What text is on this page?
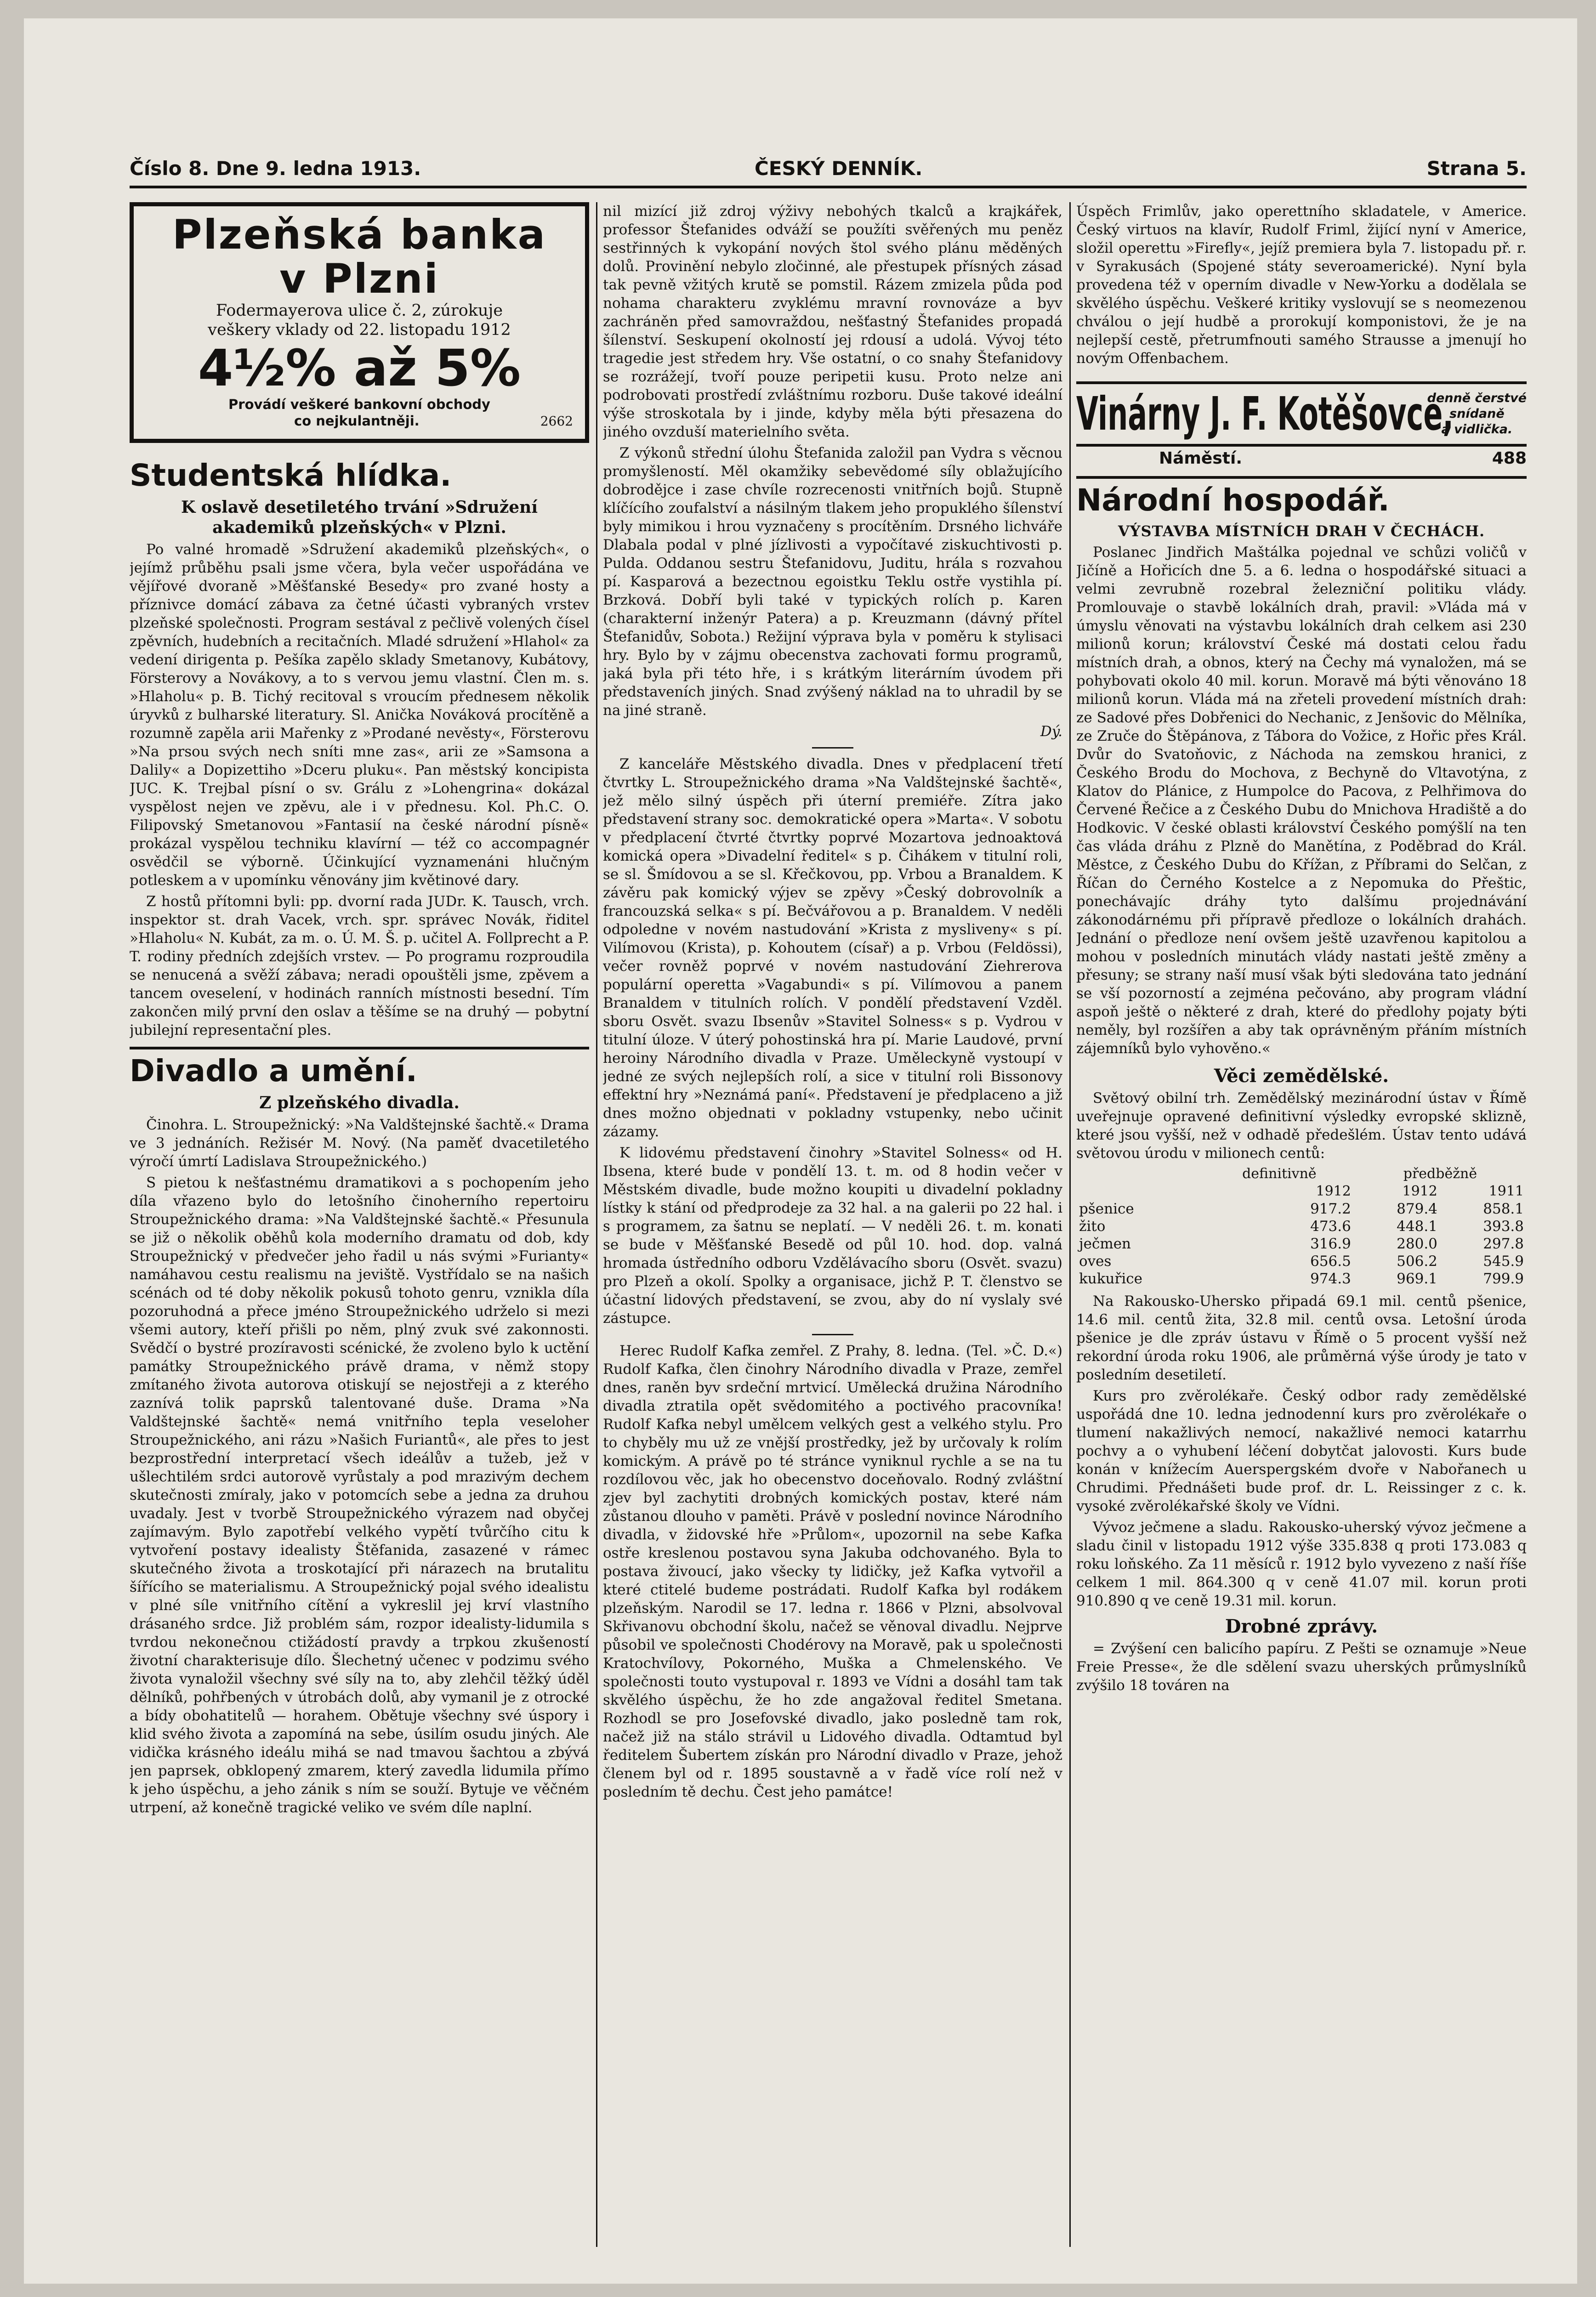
Číslo 8. Dne 9. ledna 1913.	ČESKÝ DENNÍK.	Strana 5.
Plzeňská banka
v Plzni
Fodermayerova ulice č. 2, zúrokuje
veškery vklady od 22. listopadu 1912
4½% až 5%
Provádí veškeré bankovní obchody
co nejkulantněji.	2662
Studentská hlídka.
K oslavě desetiletého trvání »Sdružení akademiků plzeňských« v Plzni.

Po valné hromadě »Sdružení akademiků plzeňských«, o jejímž průběhu psali jsme včera, byla večer uspořádána ve vějířové dvoraně »Měšťanské Besedy« pro zvané hosty a příznivce domácí zábava za četné účasti vybraných vrstev plzeňské společnosti. Program sestával z pečlivě volených čísel zpěvních, hudebních a recitačních. Mladé sdružení »Hlahol« za vedení dirigenta p. Pešíka zapělo sklady Smetanovy, Kubátovy, Försterovy a Novákovy, a to s vervou jemu vlastní. Člen m. s. »Hlaholu« p. B. Tichý recitoval s vroucím přednesem několik úryvků z bulharské literatury. Sl. Anička Nováková procítěně a rozumně zapěla arii Mařenky z »Prodané nevěsty«, Försterovu »Na prsou svých nech sníti mne zas«, arii ze »Samsona a Dalily« a Dopizettiho »Dceru pluku«. Pan městský koncipista JUC. K. Trejbal písní o sv. Grálu z »Lohengrina« dokázal vyspělost nejen ve zpěvu, ale i v přednesu. Kol. Ph.C. O. Filipovský Smetanovou »Fantasií na české národní písně« prokázal vyspělou techniku klavírní — též co accompagnér osvědčil se výborně. Účinkující vyznamenáni hlučným potleskem a v upomínku věnovány jim květinové dary.

Z hostů přítomni byli: pp. dvorní rada JUDr. K. Tausch, vrch. inspektor st. drah Vacek, vrch. spr. správec Novák, řiditel »Hlaholu« N. Kubát, za m. o. Ú. M. Š. p. učitel A. Follprecht a P. T. rodiny předních zdejších vrstev. — Po programu rozproudila se nenucená a svěží zábava; neradi opouštěli jsme, zpěvem a tancem oveselení, v hodinách ranních místnosti besední. Tím zakončen milý první den oslav a těšíme se na druhý — pobytní jubilejní representační ples.

Divadlo a umění.
Z plzeňského divadla.

Činohra. L. Stroupežnický: »Na Valdštejnské šachtě.« Drama ve 3 jednáních. Režisér M. Nový. (Na paměť dvacetiletého výročí úmrtí Ladislava Stroupežnického.)

S pietou k nešťastnému dramatikovi a s pochopením jeho díla vřazeno bylo do letošního činoherního repertoiru Stroupežnického drama: »Na Valdštejnské šachtě.« Přesunula se již o několik oběhů kola moderního dramatu od dob, kdy Stroupežnický v předvečer jeho řadil u nás svými »Furianty« namáhavou cestu realismu na jeviště. Vystřídalo se na našich scénách od té doby několik pokusů tohoto genru, vznikla díla pozoruhodná a přece jméno Stroupežnického udrželo si mezi všemi autory, kteří přišli po něm, plný zvuk své zakonnosti. Svědčí o bystré prozíravosti scénické, že zvoleno bylo k uctění památky Stroupežnického právě drama, v němž stopy zmítaného života autorova otiskují se nejostřeji a z kterého zaznívá tolik paprsků talentované duše. Drama »Na Valdštejnské šachtě« nemá vnitřního tepla veseloher Stroupežnického, ani rázu »Našich Furiantů«, ale přes to jest bezprostřední interpretací všech ideálův a tužeb, jež v ušlechtilém srdci autorově vyrůstaly a pod mrazivým dechem skutečnosti zmíraly, jako v potomcích sebe a jedna za druhou uvadaly. Jest v tvorbě Stroupežnického výrazem nad obyčej zajímavým. Bylo zapotřebí velkého vypětí tvůrčího citu k vytvoření postavy idealisty Štěfanida, zasazené v rámec skutečného života a troskotající při nárazech na brutalitu šířícího se materialismu. A Stroupežnický pojal svého idealistu v plné síle vnitřního cítění a vykreslil jej krví vlastního drásaného srdce. Již problém sám, rozpor idealisty-lidumila s tvrdou nekonečnou ctižádostí pravdy a trpkou zkušeností životní charakterisuje dílo. Šlechetný učenec v podzimu svého života vynaložil všechny své síly na to, aby zlehčil těžký úděl dělníků, pohřbených v útrobách dolů, aby vymanil je z otrocké a bídy obohatitelů — horahem. Obětuje všechny své úspory i klid svého života a zapomíná na sebe, úsilím osudu jiných. Ale vidička krásného ideálu mihá se nad tmavou šachtou a zbývá jen paprsek, obklopený zmarem, který zavedla lidumila přímo k jeho úspěchu, a jeho zánik s ním se souží. Bytuje ve věčném utrpení, až konečně tragické veliko ve svém díle naplní.

nil mizící již zdroj výživy nebohých tkalců a krajkářek, professor Štefanides odváží se použíti svěřených mu peněz sestřinných k vykopání nových štol svého plánu měděných dolů. Provinění nebylo zločinné, ale přestupek přísných zásad tak pevně vžitých krutě se pomstil. Rázem zmizela půda pod nohama charakteru zvyklému mravní rovnováze a byv zachráněn před samovraždou, nešťastný Štefanides propadá šílenství. Seskupení okolností jej rdousí a udolá. Vývoj této tragedie jest středem hry. Vše ostatní, o co snahy Štefanidovy se rozrážejí, tvoří pouze peripetii kusu. Proto nelze ani podrobovati prostředí zvláštnímu rozboru. Duše takové ideální výše stroskotala by i jinde, kdyby měla býti přesazena do jiného ovzduší materielního světa.

Z výkonů střední úlohu Štefanida založil pan Vydra s věcnou promyšleností. Měl okamžiky sebevědomé síly oblažujícího dobrodějce i zase chvíle rozrecenosti vnitřních bojů. Stupně klíčícího zoufalství a násilným tlakem jeho propuklého šílenství byly mimikou i hrou vyznačeny s procítěním. Drsného lichváře Dlabala podal v plné jízlivosti a vypočítavé ziskuchtivosti p. Pulda. Oddanou sestru Štefanidovu, Juditu, hrála s rozvahou pí. Kasparová a bezectnou egoistku Teklu ostře vystihla pí. Brzková. Dobří byli také v typických rolích p. Karen (charakterní inženýr Patera) a p. Kreuzmann (dávný přítel Štefanidův, Sobota.) Režijní výprava byla v poměru k stylisaci hry. Bylo by v zájmu obecenstva zachovati formu programů, jaká byla při této hře, i s krátkým literárním úvodem při představeních jiných. Snad zvýšený náklad na to uhradil by se na jiné straně.

Dý.

Z kanceláře Městského divadla. Dnes v předplacení třetí čtvrtky L. Stroupežnického drama »Na Valdštejnské šachtě«, jež mělo silný úspěch při úterní premiéře. Zítra jako představení strany soc. demokratické opera »Marta«. V sobotu v předplacení čtvrté čtvrtky poprvé Mozartova jednoaktová komická opera »Divadelní ředitel« s p. Čihákem v titulní roli, se sl. Šmídovou a se sl. Křečkovou, pp. Vrbou a Branaldem. K závěru pak komický výjev se zpěvy »Český dobrovolník a francouzská selka« s pí. Bečvářovou a p. Branaldem. V neděli odpoledne v novém nastudování »Krista z mysliveny« s pí. Vilímovou (Krista), p. Kohoutem (císař) a p. Vrbou (Feldössi), večer rovněž poprvé v novém nastudování Ziehrerova populární operetta »Vagabundi« s pí. Vilímovou a panem Branaldem v titulních rolích. V pondělí představení Vzděl. sboru Osvět. svazu Ibsenův »Stavitel Solness« s p. Vydrou v titulní úloze. V úterý pohostinská hra pí. Marie Laudové, první heroiny Národního divadla v Praze. Uměleckyně vystoupí v jedné ze svých nejlepších rolí, a sice v titulní roli Bissonovy effektní hry »Neznámá paní«. Představení je předplaceno a již dnes možno objednati v pokladny vstupenky, nebo učinit zázamy.

K lidovému představení činohry »Stavitel Solness« od H. Ibsena, které bude v pondělí 13. t. m. od 8 hodin večer v Městském divadle, bude možno koupiti u divadelní pokladny lístky k stání od předprodeje za 32 hal. a na galerii po 22 hal. i s programem, za šatnu se neplatí. — V neděli 26. t. m. konati se bude v Měšťanské Besedě od půl 10. hod. dop. valná hromada ústředního odboru Vzdělávacího sboru (Osvět. svazu) pro Plzeň a okolí. Spolky a organisace, jichž P. T. členstvo se účastní lidových představení, se zvou, aby do ní vyslaly své zástupce.

Herec Rudolf Kafka zemřel. Z Prahy, 8. ledna. (Tel. »Č. D.«) Rudolf Kafka, člen činohry Národního divadla v Praze, zemřel dnes, raněn byv srdeční mrtvicí. Umělecká družina Národního divadla ztratila opět svědomitého a poctivého pracovníka! Rudolf Kafka nebyl umělcem velkých gest a velkého stylu. Pro to chyběly mu už ze vnější prostředky, jež by určovaly k rolím komickým. A právě po té stránce vyniknul rychle a se na tu rozdílovou věc, jak ho obecenstvo doceňovalo. Rodný zvláštní zjev byl zachytiti drobných komických postav, které nám zůstanou dlouho v paměti. Právě v poslední novince Národního divadla, v židovské hře »Průlom«, upozornil na sebe Kafka ostře kreslenou postavou syna Jakuba odchovaného. Byla to postava živoucí, jako všecky ty lidičky, jež Kafka vytvořil a které ctitelé budeme postrádati. Rudolf Kafka byl rodákem plzeňským. Narodil se 17. ledna r. 1866 v Plzni, absolvoval Skřivanovu obchodní školu, načež se věnoval divadlu. Nejprve působil ve společnosti Chodérovy na Moravě, pak u společnosti Kratochvílovy, Pokorného, Muška a Chmelenského. Ve společnosti touto vystupoval r. 1893 ve Vídni a dosáhl tam tak skvělého úspěchu, že ho zde angažoval ředitel Smetana. Rozhodl se pro Josefovské divadlo, jako posledně tam rok, načež již na stálo strávil u Lidového divadla. Odtamtud byl ředitelem Šubertem získán pro Národní divadlo v Praze, jehož členem byl od r. 1895 soustavně a v řadě více rolí než v posledním tě dechu. Čest jeho památce!

Úspěch Frimlův, jako operettního skladatele, v Americe. Český virtuos na klavír, Rudolf Friml, žijící nyní v Americe, složil operettu »Firefly«, jejíž premiera byla 7. listopadu př. r. v Syrakusách (Spojené státy severoamerické). Nyní byla provedena též v operním divadle v New-Yorku a dodělala se skvělého úspěchu. Veškeré kritiky vyslovují se s neomezenou chválou o její hudbě a prorokují komponistovi, že je na nejlepší cestě, přetrumfnouti samého Strausse a jmenují ho novým Offenbachem.

Vinárny J. F. Kotěšovce,
denně čerstvé
snídaně
a vidlička.
Náměstí.	488
Národní hospodář.
VÝSTAVBA MÍSTNÍCH DRAH V ČECHÁCH.

Poslanec Jindřich Maštálka pojednal ve schůzi voličů v Jičíně a Hořicích dne 5. a 6. ledna o hospodářské situaci a velmi zevrubně rozebral železniční politiku vlády. Promlouvaje o stavbě lokálních drah, pravil: »Vláda má v úmyslu věnovati na výstavbu lokálních drah celkem asi 230 milionů korun; království České má dostati celou řadu místních drah, a obnos, který na Čechy má vynaložen, má se pohybovati okolo 40 mil. korun. Moravě má býti věnováno 18 milionů korun. Vláda má na zřeteli provedení místních drah: ze Sadové přes Dobřenici do Nechanic, z Jenšovic do Mělníka, ze Zruče do Štěpánova, z Tábora do Vožice, z Hořic přes Král. Dvůr do Svatoňovic, z Náchoda na zemskou hranici, z Českého Brodu do Mochova, z Bechyně do Vltavotýna, z Klatov do Plánice, z Humpolce do Pacova, z Pelhřimova do Červené Řečice a z Českého Dubu do Mnichova Hradiště a do Hodkovic. V české oblasti království Českého pomýšlí na ten čas vláda dráhu z Plzně do Manětína, z Poděbrad do Král. Městce, z Českého Dubu do Křížan, z Příbrami do Selčan, z Říčan do Černého Kostelce a z Nepomuka do Přeštic, ponechávajíc dráhy tyto dalšímu projednávání zákonodárnému při přípravě předloze o lokálních drahách. Jednání o předloze není ovšem ještě uzavřenou kapitolou a mohou v posledních minutách vlády nastati ještě změny a přesuny; se strany naší musí však býti sledována tato jednání se vší pozorností a zejména pečováno, aby program vládní aspoň ještě o některé z drah, které do předlohy pojaty býti neměly, byl rozšířen a aby tak oprávněným přáním místních zájemníků bylo vyhověno.«

Věci zemědělské.

Světový obilní trh. Zemědělský mezinárodní ústav v Římě uveřejnuje opravené definitivní výsledky evropské sklizně, které jsou vyšší, než v odhadě předešlém. Ústav tento udává světovou úrodu v milionech centů:

	definitivně	předběžně	
	1912	1912	1911
pšenice	917.2	879.4	858.1
žito	473.6	448.1	393.8
ječmen	316.9	280.0	297.8
oves	656.5	506.2	545.9
kukuřice	974.3	969.1	799.9

Na Rakousko-Uhersko připadá 69.1 mil. centů pšenice, 14.6 mil. centů žita, 32.8 mil. centů ovsa. Letošní úroda pšenice je dle zpráv ústavu v Římě o 5 procent vyšší než rekordní úroda roku 1906, ale průměrná výše úrody je tato v posledním desetiletí.

Kurs pro zvěrolékaře. Český odbor rady zemědělské uspořádá dne 10. ledna jednodenní kurs pro zvěrolékaře o tlumení nakažlivých nemocí, nakažlivé nemoci katarrhu pochvy a o vyhubení léčení dobytčat jalovosti. Kurs bude konán v knížecím Auerspergském dvoře v Nabořanech u Chrudimi. Přednášeti bude prof. dr. L. Reissinger z c. k. vysoké zvěrolékařské školy ve Vídni.

Vývoz ječmene a sladu. Rakousko-uherský vývoz ječmene a sladu činil v listopadu 1912 výše 335.838 q proti 173.083 q roku loňského. Za 11 měsíců r. 1912 bylo vyvezeno z naší říše celkem 1 mil. 864.300 q v ceně 41.07 mil. korun proti 910.890 q ve ceně 19.31 mil. korun.

Drobné zprávy.

= Zvýšení cen balicího papíru. Z Pešti se oznamuje »Neue Freie Presse«, že dle sdělení svazu uherských průmyslníků zvýšilo 18 továren na
